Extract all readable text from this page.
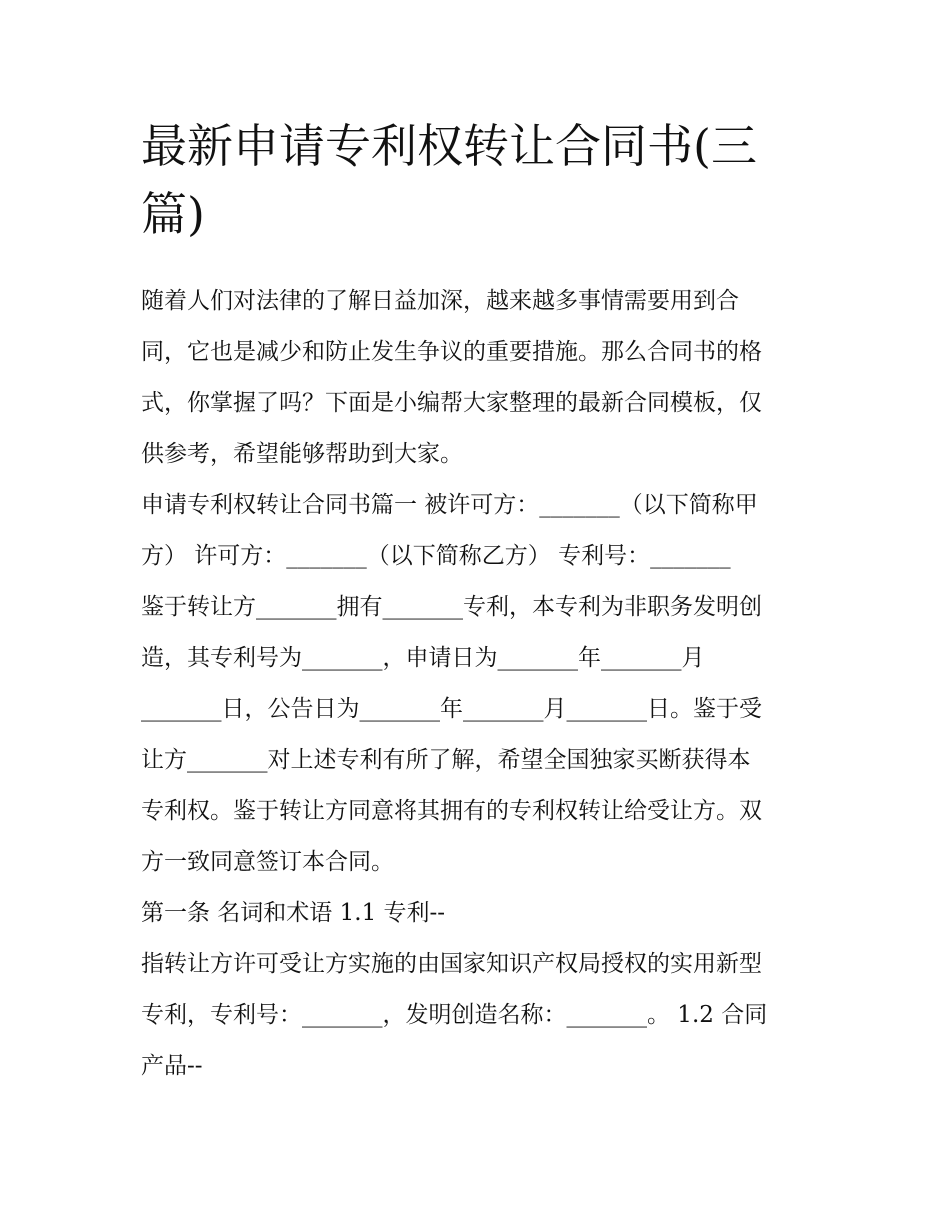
最新申请专利权转让合同书(三
篇)
随着人们对法律的了解日益加深，越来越多事情需要用到合
同，它也是减少和防止发生争议的重要措施。那么合同书的格
式，你掌握了吗？下面是小编帮大家整理的最新合同模板，仅
供参考，希望能够帮助到大家。
申请专利权转让合同书篇一 被许可方：_______（以下简称甲
方） 许可方：_______（以下简称乙方） 专利号：_______
鉴于转让方_______拥有_______专利，本专利为非职务发明创
造，其专利号为_______，申请日为_______年_______月
_______日，公告日为_______年_______月_______日。鉴于受
让方_______对上述专利有所了解，希望全国独家买断获得本
专利权。鉴于转让方同意将其拥有的专利权转让给受让方。双
方一致同意签订本合同。
第一条 名词和术语 1.1 专利--
指转让方许可受让方实施的由国家知识产权局授权的实用新型
专利，专利号：_______，发明创造名称：_______。 1.2 合同
产品--
